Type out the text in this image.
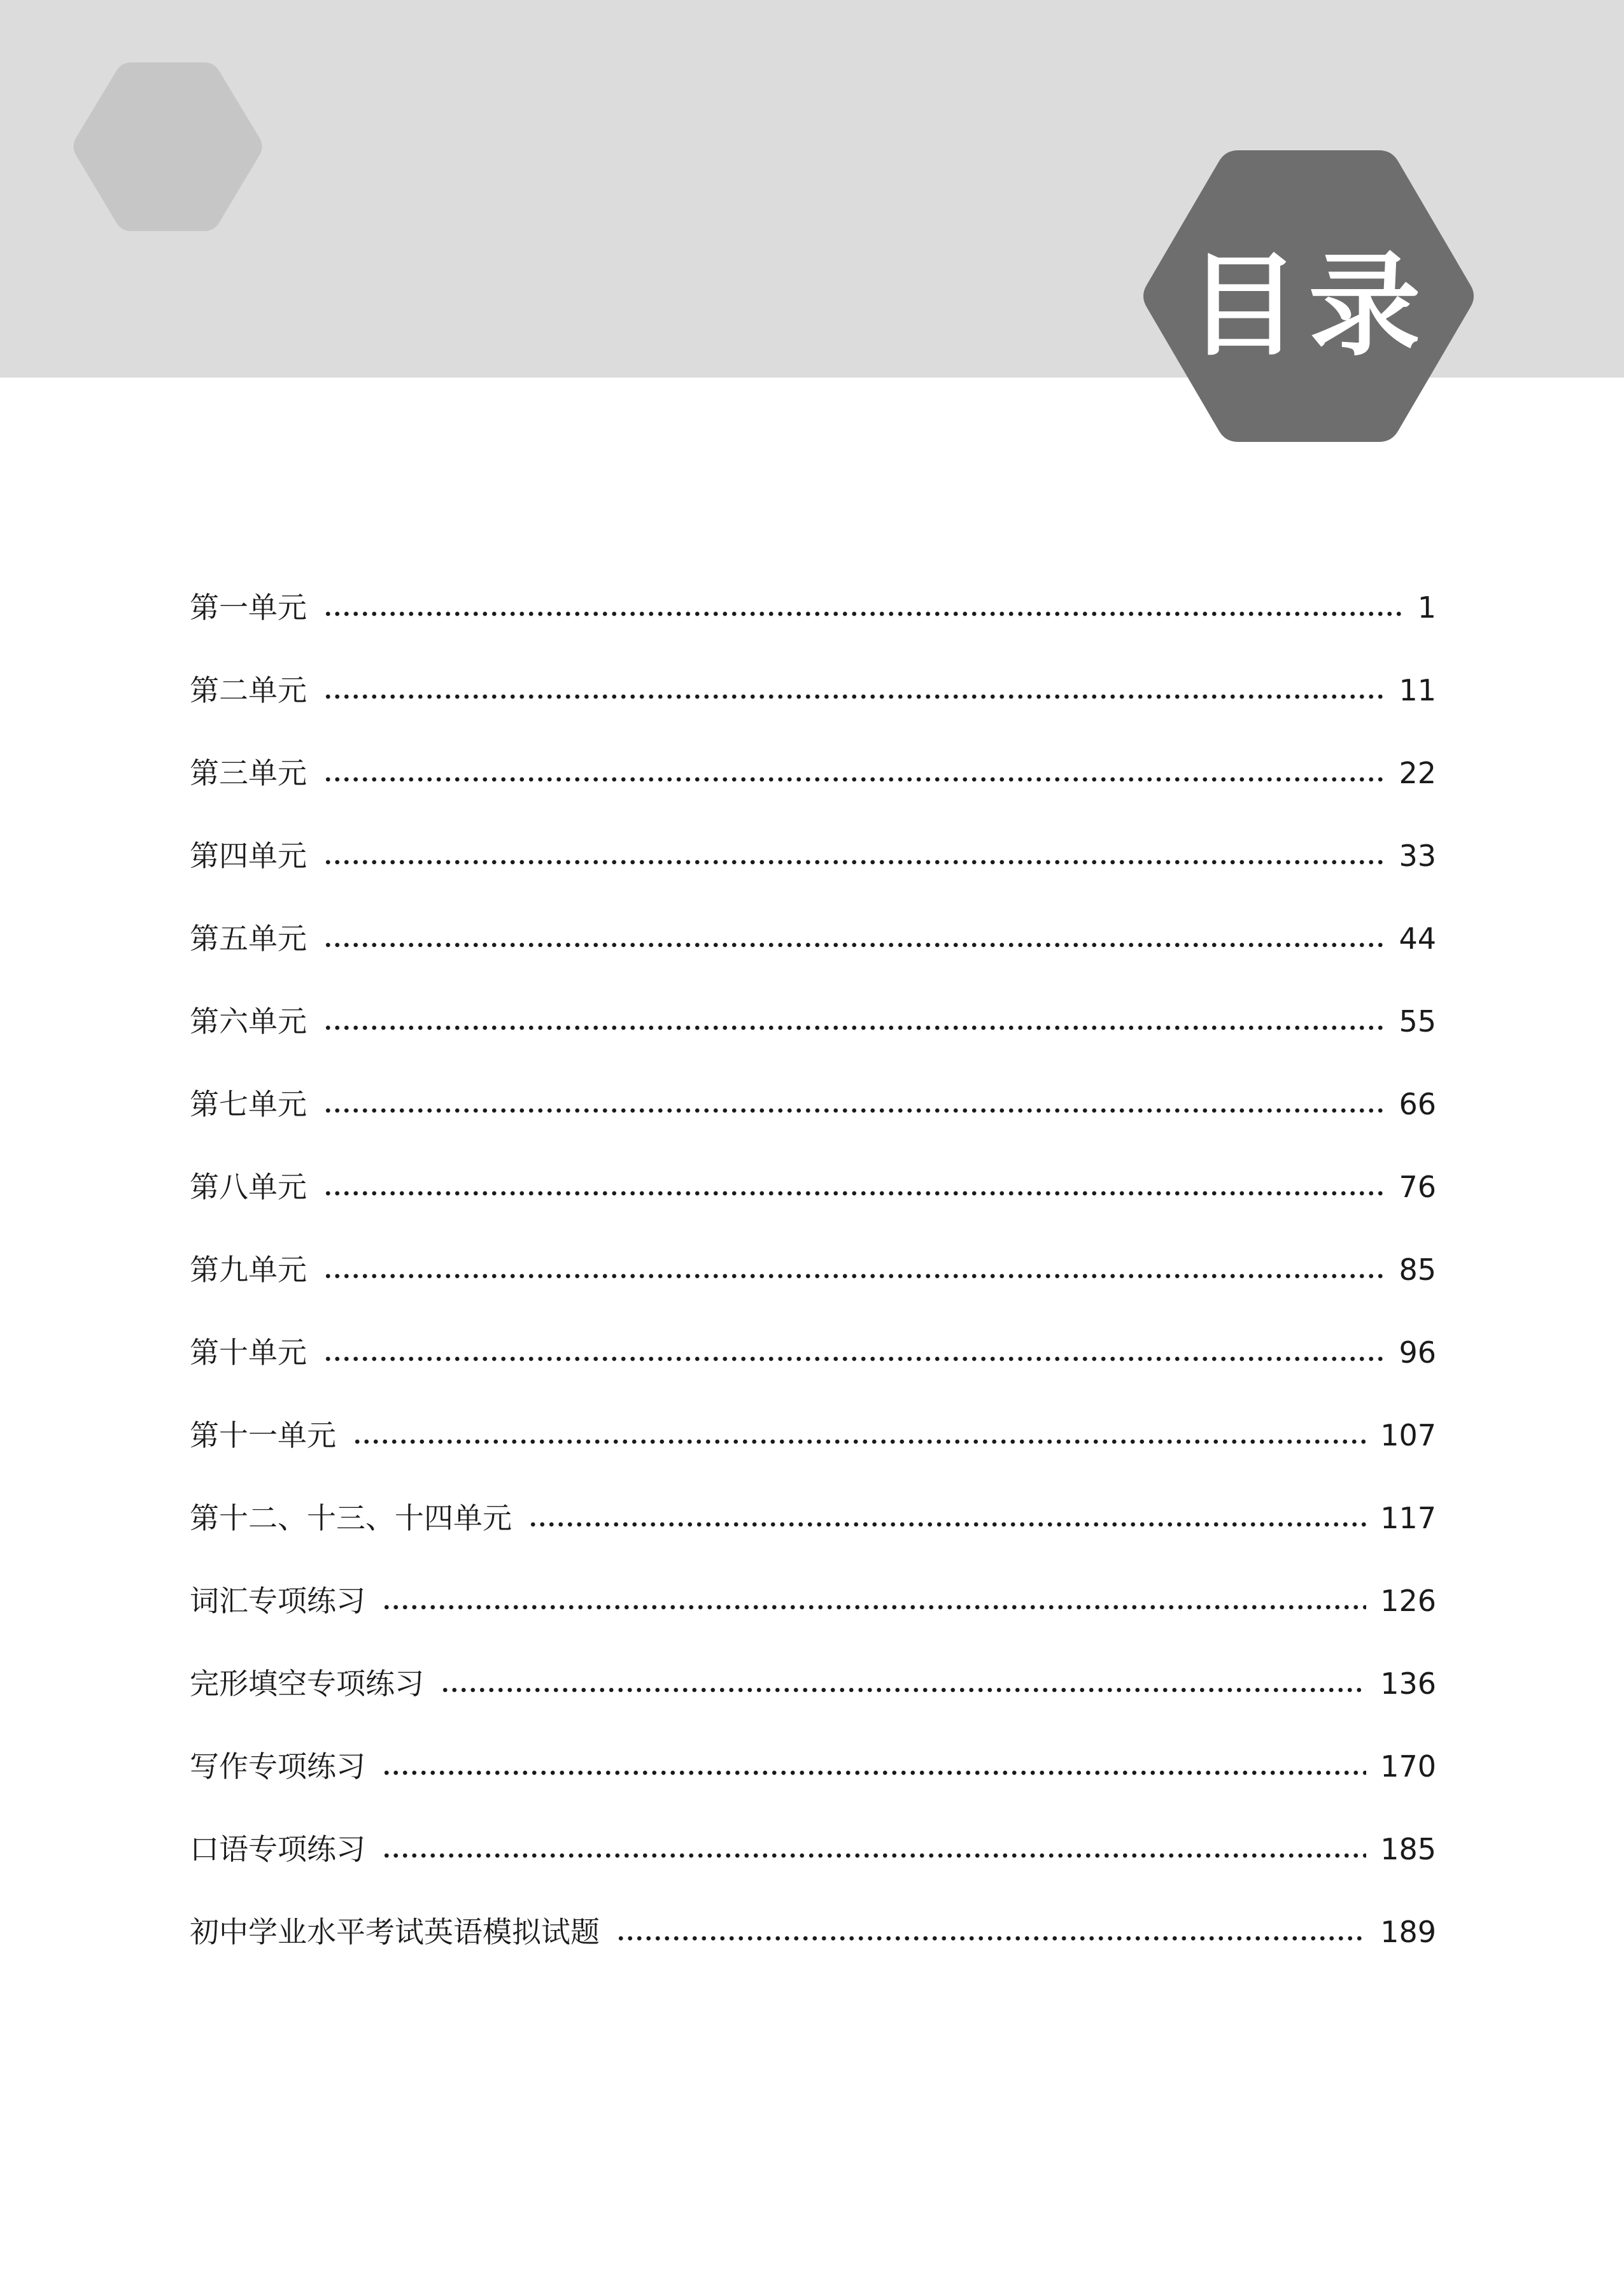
目录
第一单元	1
第二单元	11
第三单元	22
第四单元	33
第五单元	44
第六单元	55
第七单元	66
第八单元	76
第九单元	85
第十单元	96
第十一单元	107
第十二、十三、十四单元	117
词汇专项练习	126
完形填空专项练习	136
写作专项练习	170
口语专项练习	185
初中学业水平考试英语模拟试题	189
